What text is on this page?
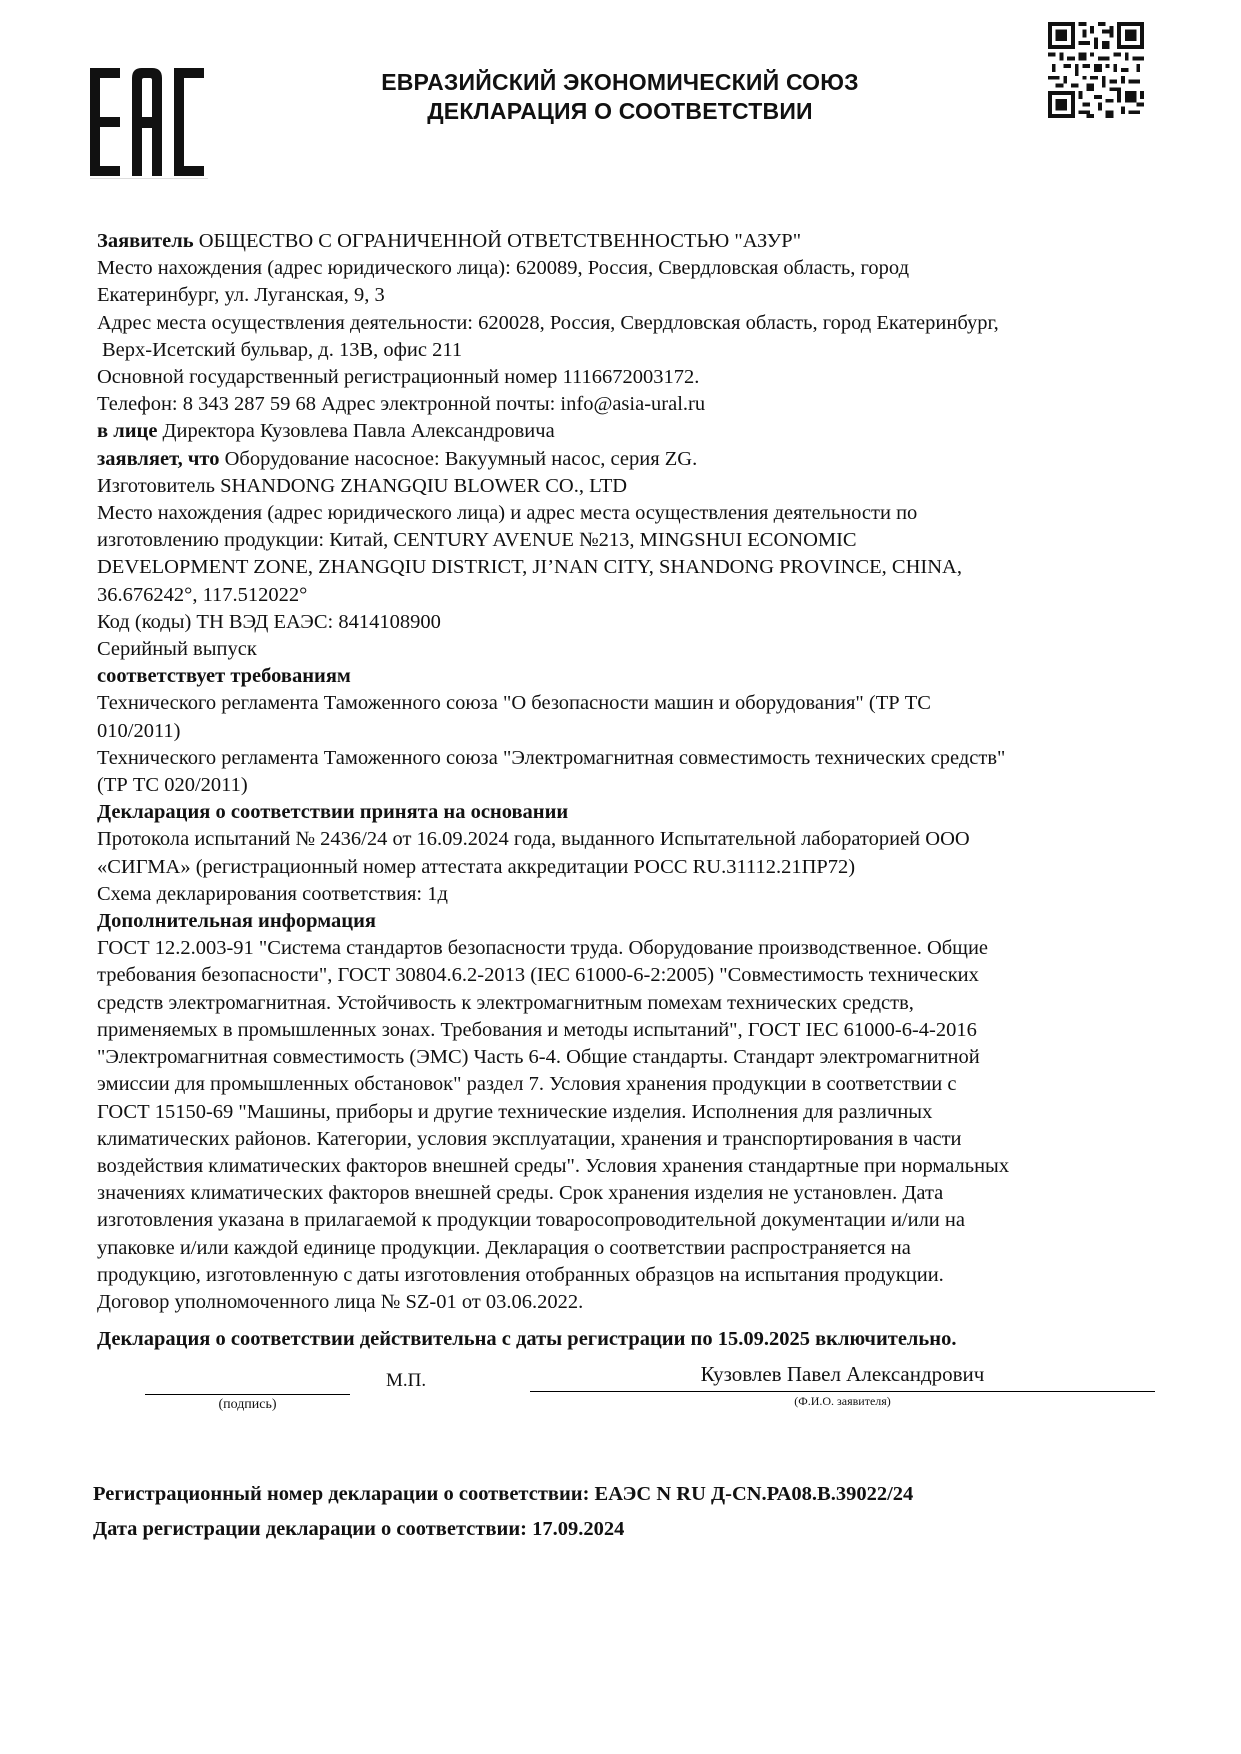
ЕВРАЗИЙСКИЙ ЭКОНОМИЧЕСКИЙ СОЮЗ
ДЕКЛАРАЦИЯ О СООТВЕТСТВИИ

Заявитель ОБЩЕСТВО С ОГРАНИЧЕННОЙ ОТВЕТСТВЕННОСТЬЮ "АЗУР"

Место нахождения (адрес юридического лица): 620089, Россия, Свердловская область, город

Екатеринбург, ул. Луганская, 9, 3

Адрес места осуществления деятельности: 620028, Россия, Свердловская область, город Екатеринбург,

Верх-Исетский бульвар, д. 13В, офис 211

Основной государственный регистрационный номер 1116672003172.

Телефон: 8 343 287 59 68 Адрес электронной почты: info@asia-ural.ru

в лице Директора Кузовлева Павла Александровича

заявляет, что Оборудование насосное: Вакуумный насос, серия ZG.

Изготовитель SHANDONG ZHANGQIU BLOWER CO., LTD

Место нахождения (адрес юридического лица) и адрес места осуществления деятельности по

изготовлению продукции: Китай, CENTURY AVENUE №213, MINGSHUI ECONOMIC

DEVELOPMENT ZONE, ZHANGQIU DISTRICT, JI’NAN CITY, SHANDONG PROVINCE, CHINA,

36.676242°, 117.512022°

Код (коды) ТН ВЭД ЕАЭС: 8414108900

Серийный выпуск

соответствует требованиям

Технического регламента Таможенного союза "О безопасности машин и оборудования" (ТР ТС

010/2011)

Технического регламента Таможенного союза "Электромагнитная совместимость технических средств"

(ТР ТС 020/2011)

Декларация о соответствии принята на основании

Протокола испытаний № 2436/24 от 16.09.2024 года, выданного Испытательной лабораторией ООО

«СИГМА» (регистрационный номер аттестата аккредитации РОСС RU.31112.21ПР72)

Схема декларирования соответствия: 1д

Дополнительная информация

ГОСТ 12.2.003-91 "Система стандартов безопасности труда. Оборудование производственное. Общие

требования безопасности", ГОСТ 30804.6.2-2013 (IEC 61000-6-2:2005) "Совместимость технических

средств электромагнитная. Устойчивость к электромагнитным помехам технических средств,

применяемых в промышленных зонах. Требования и методы испытаний", ГОСТ IEC 61000-6-4-2016

"Электромагнитная совместимость (ЭМС) Часть 6-4. Общие стандарты. Стандарт электромагнитной

эмиссии для промышленных обстановок" раздел 7. Условия хранения продукции в соответствии с

ГОСТ 15150-69 "Машины, приборы и другие технические изделия. Исполнения для различных

климатических районов. Категории, условия эксплуатации, хранения и транспортирования в части

воздействия климатических факторов внешней среды". Условия хранения стандартные при нормальных

значениях климатических факторов внешней среды. Срок хранения изделия не установлен. Дата

изготовления указана в прилагаемой к продукции товаросопроводительной документации и/или на

упаковке и/или каждой единице продукции. Декларация о соответствии распространяется на

продукцию, изготовленную с даты изготовления отобранных образцов на испытания продукции.

Договор уполномоченного лица № SZ-01 от 03.06.2022.

Декларация о соответствии действительна с даты регистрации по 15.09.2025 включительно.
(подпись)
М.П.	Кузовлев Павел Александрович
(Ф.И.О. заявителя)
Регистрационный номер декларации о соответствии: ЕАЭС N RU Д-CN.РА08.В.39022/24
Дата регистрации декларации о соответствии: 17.09.2024
